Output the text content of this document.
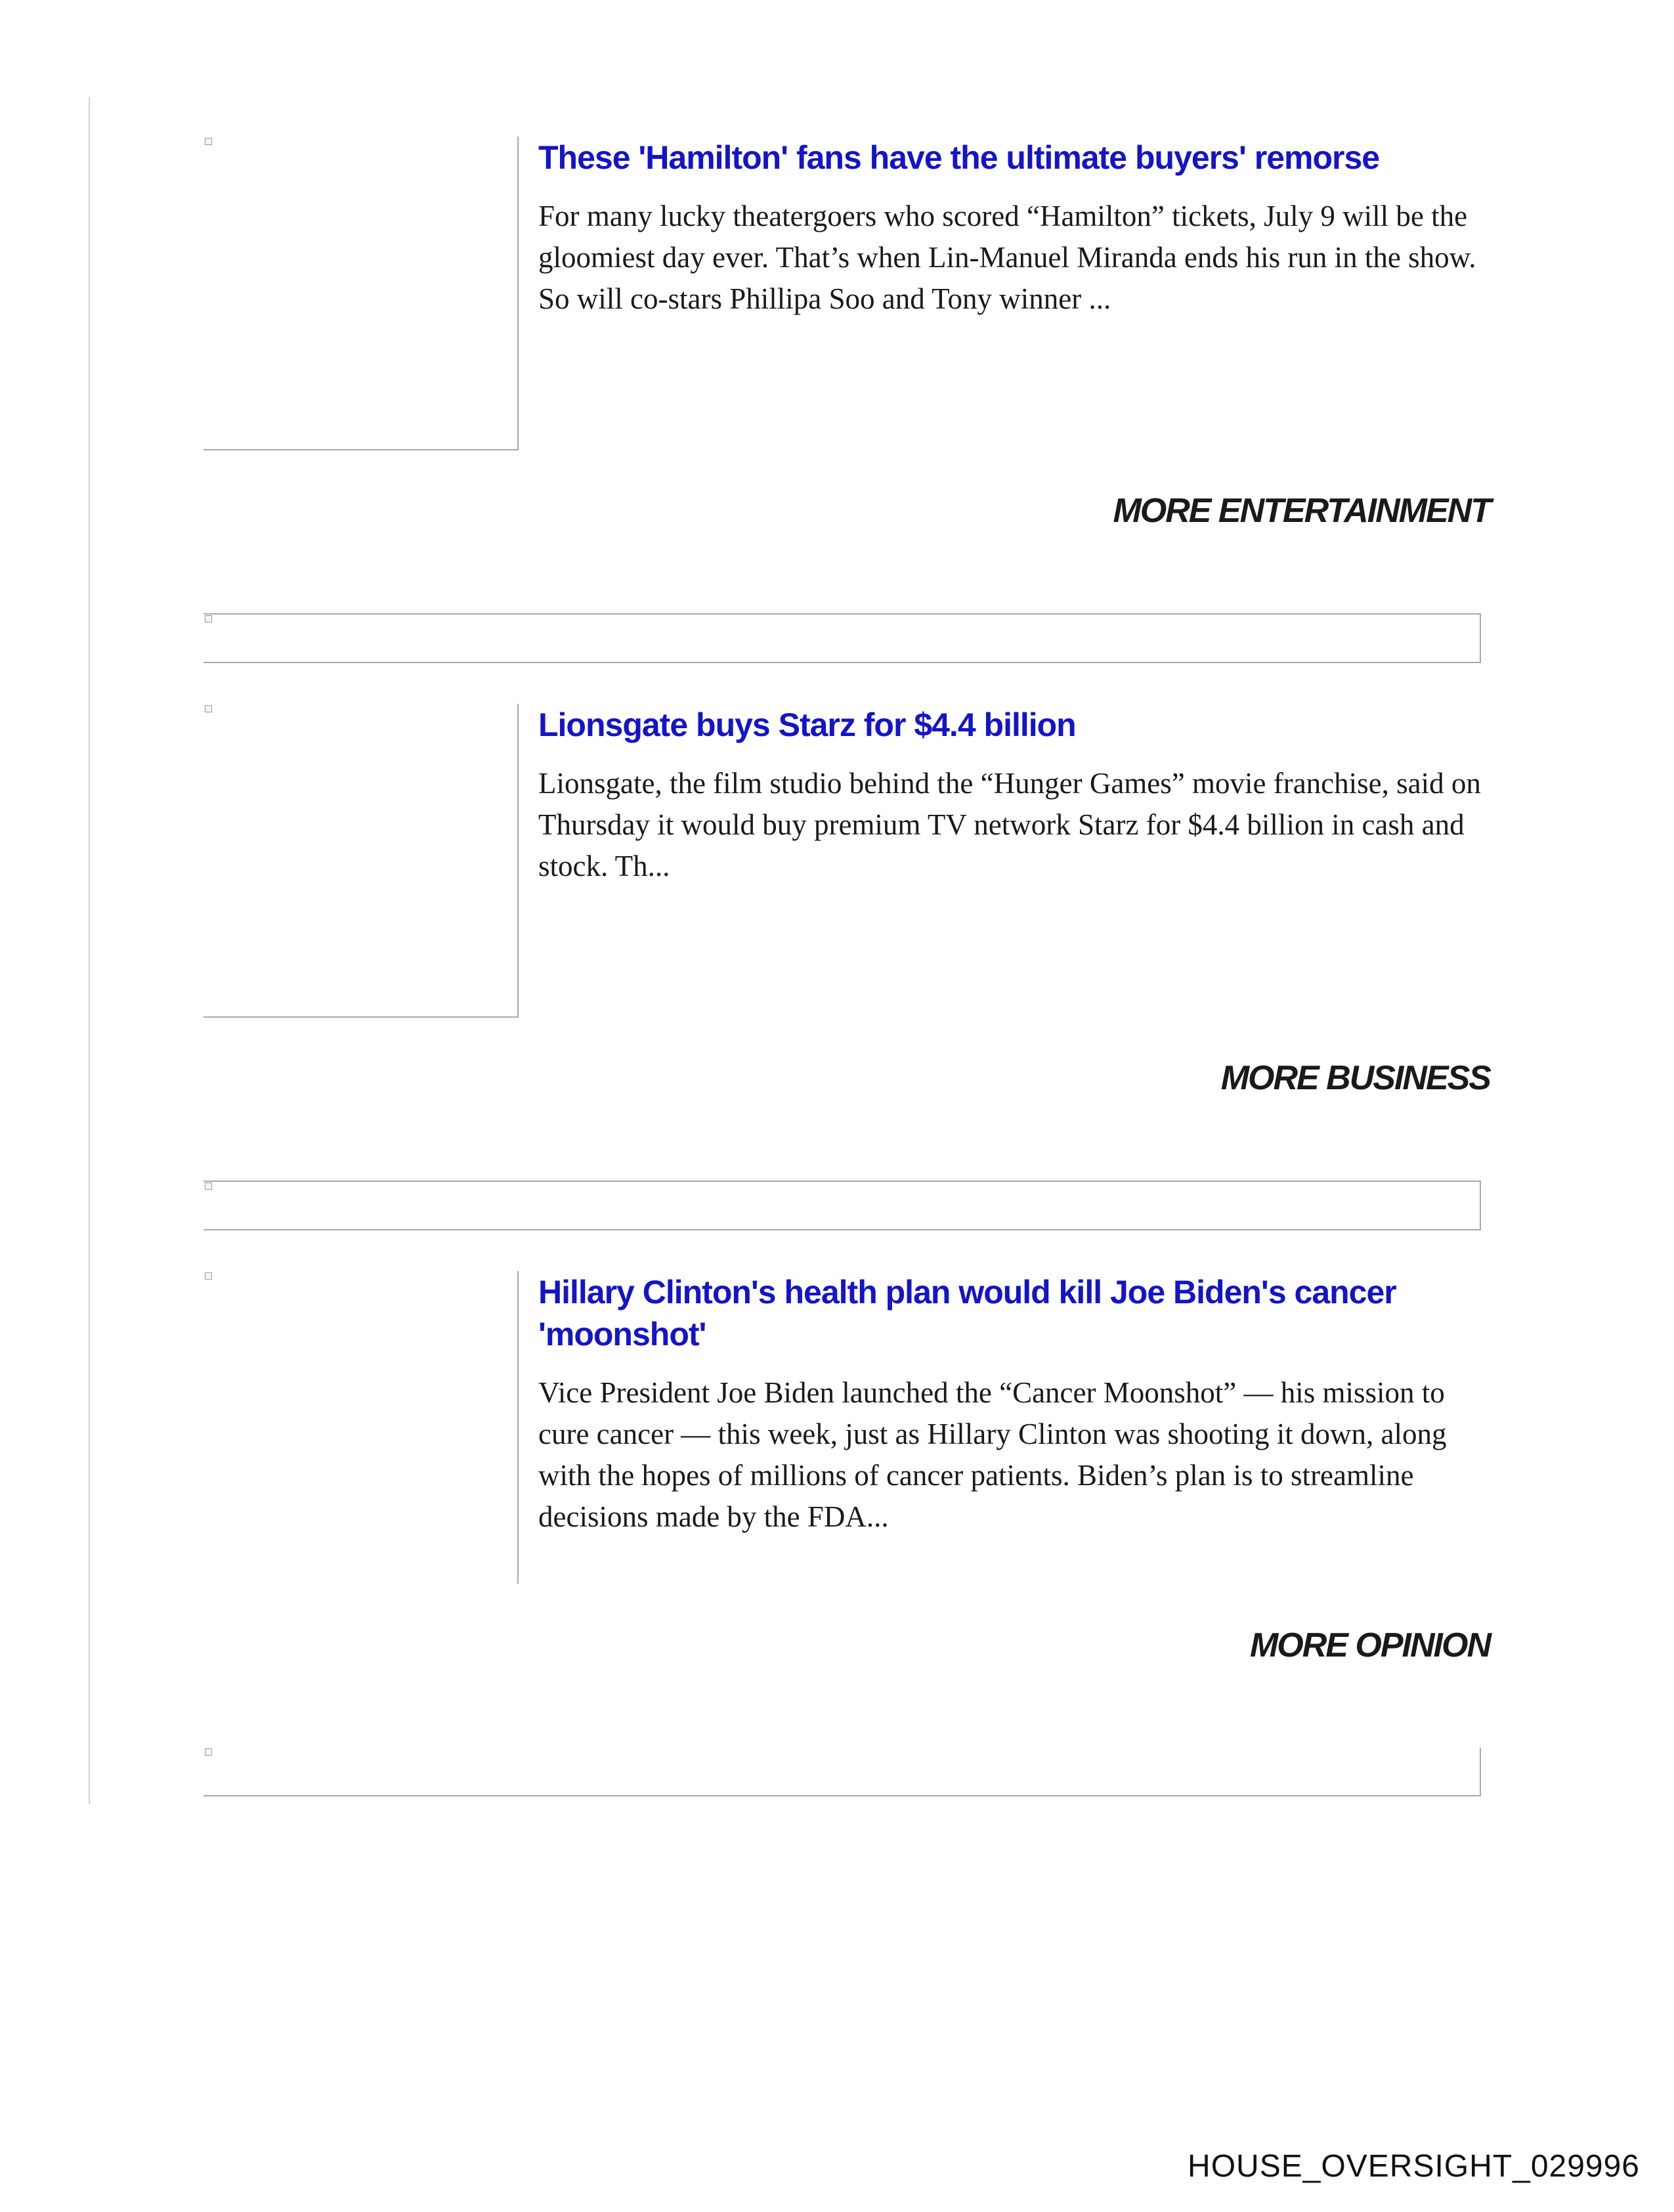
These 'Hamilton' fans have the ultimate buyers' remorse

For many lucky theatergoers who scored “Hamilton” tickets, July 9 will be the gloomiest day ever. That’s when Lin-Manuel Miranda ends his run in the show. So will co-stars Phillipa Soo and Tony winner ...

MORE ENTERTAINMENT

Lionsgate buys Starz for $4.4 billion

Lionsgate, the film studio behind the “Hunger Games” movie franchise, said on Thursday it would buy premium TV network Starz for $4.4 billion in cash and stock. Th...

MORE BUSINESS

Hillary Clinton's health plan would kill Joe Biden's cancer 'moonshot'

Vice President Joe Biden launched the “Cancer Moonshot” — his mission to cure cancer — this week, just as Hillary Clinton was shooting it down, along with the hopes of millions of cancer patients. Biden’s plan is to streamline decisions made by the FDA...

MORE OPINION

HOUSE_OVERSIGHT_029996
